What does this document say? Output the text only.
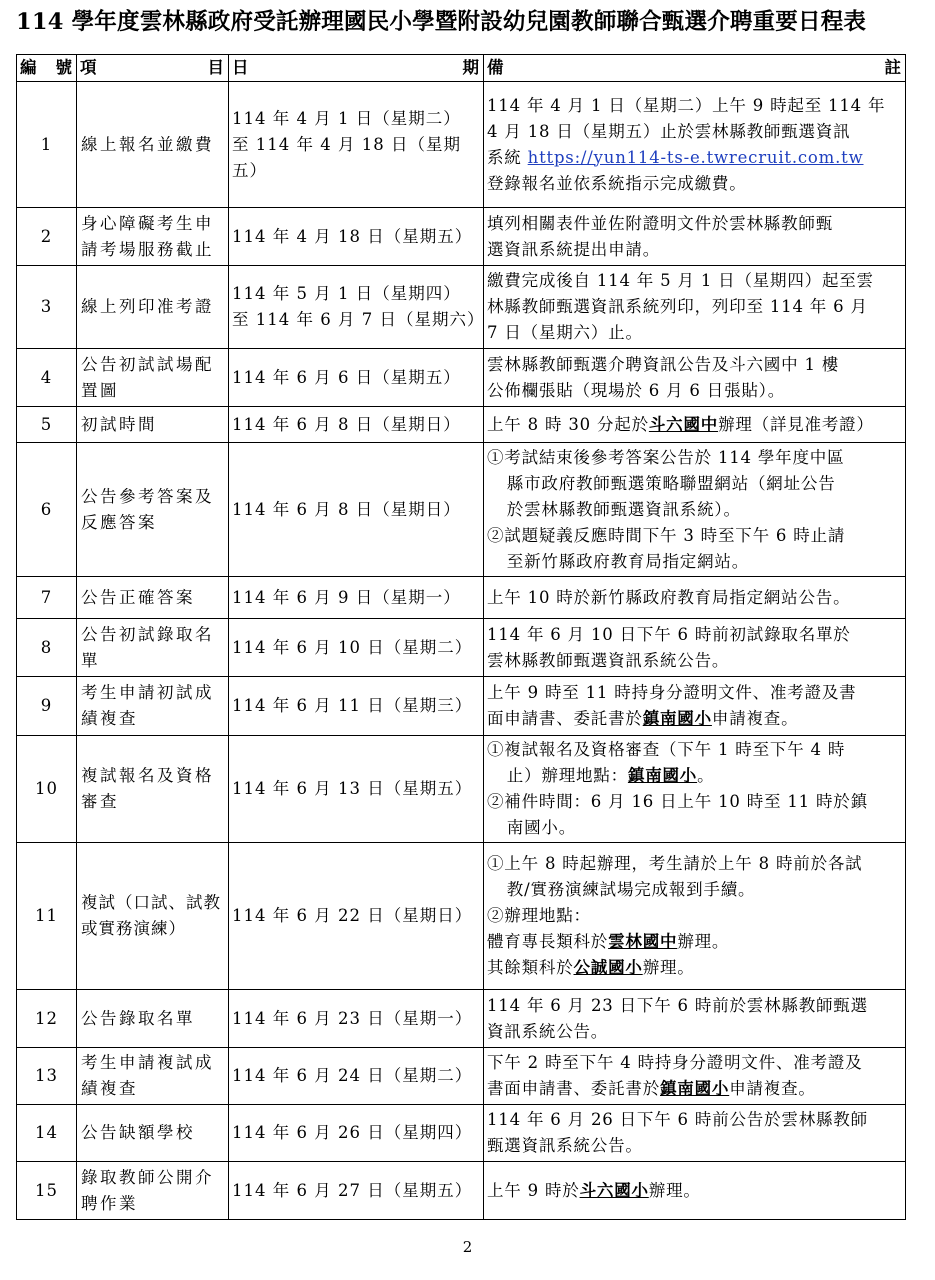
114 學年度雲林縣政府受託辦理國民小學暨附設幼兒園教師聯合甄選介聘重要日程表
編 號	項 目	日 期	備 註

1	線上報名並繳費	114 年 4 月 1 日（星期二）
至 114 年 4 月 18 日（星期
五）	114 年 4 月 1 日（星期二）上午 9 時起至 114 年
4 月 18 日（星期五）止於雲林縣教師甄選資訊
系統 https://yun114-ts-e.twrecruit.com.tw
登錄報名並依系統指示完成繳費。

2	身心障礙考生申
請考場服務截止	114 年 4 月 18 日（星期五）	填列相關表件並佐附證明文件於雲林縣教師甄
選資訊系統提出申請。

3	線上列印准考證	114 年 5 月 1 日（星期四）
至 114 年 6 月 7 日（星期六）	繳費完成後自 114 年 5 月 1 日（星期四）起至雲
林縣教師甄選資訊系統列印，列印至 114 年 6 月
7 日（星期六）止。

4	公告初試試場配
置圖	114 年 6 月 6 日（星期五）	雲林縣教師甄選介聘資訊公告及斗六國中 1 樓
公佈欄張貼（現場於 6 月 6 日張貼）。

5	初試時間	114 年 6 月 8 日（星期日）	上午 8 時 30 分起於斗六國中辦理（詳見准考證）

6	公告參考答案及
反應答案	114 年 6 月 8 日（星期日）	①考試結束後參考答案公告於 114 學年度中區
縣市政府教師甄選策略聯盟網站（網址公告
於雲林縣教師甄選資訊系統）。
②試題疑義反應時間下午 3 時至下午 6 時止請
至新竹縣政府教育局指定網站。

7	公告正確答案	114 年 6 月 9 日（星期一）	上午 10 時於新竹縣政府教育局指定網站公告。
8	公告初試錄取名
單	114 年 6 月 10 日（星期二）	114 年 6 月 10 日下午 6 時前初試錄取名單於
雲林縣教師甄選資訊系統公告。

9	考生申請初試成
績複查	114 年 6 月 11 日（星期三）	上午 9 時至 11 時持身分證明文件、准考證及書
面申請書、委託書於鎮南國小申請複查。

10	複試報名及資格
審查	114 年 6 月 13 日（星期五）	①複試報名及資格審查（下午 1 時至下午 4 時
止）辦理地點：鎮南國小。
②補件時間：6 月 16 日上午 10 時至 11 時於鎮
南國小。

11	複試（口試、試教
或實務演練）	114 年 6 月 22 日（星期日）	①上午 8 時起辦理，考生請於上午 8 時前於各試
教/實務演練試場完成報到手續。
②辦理地點：
體育專長類科於雲林國中辦理。
其餘類科於公誠國小辦理。

12	公告錄取名單	114 年 6 月 23 日（星期一）	114 年 6 月 23 日下午 6 時前於雲林縣教師甄選
資訊系統公告。

13	考生申請複試成
績複查	114 年 6 月 24 日（星期二）	下午 2 時至下午 4 時持身分證明文件、准考證及
書面申請書、委託書於鎮南國小申請複查。

14	公告缺額學校	114 年 6 月 26 日（星期四）	114 年 6 月 26 日下午 6 時前公告於雲林縣教師
甄選資訊系統公告。

15	錄取教師公開介
聘作業	114 年 6 月 27 日（星期五）	上午 9 時於斗六國小辦理。
2
